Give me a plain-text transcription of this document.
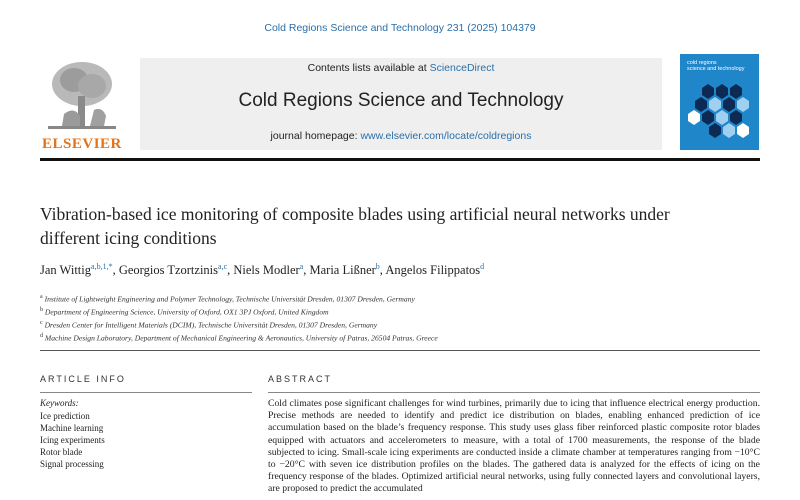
Cold Regions Science and Technology 231 (2025) 104379
ELSEVIER
Contents lists available at ScienceDirect
Cold Regions Science and Technology
journal homepage: www.elsevier.com/locate/coldregions
cold regions
science and technology
Vibration-based ice monitoring of composite blades using artificial neural networks under different icing conditions
Jan Wittig$^{a,b,1,*}$, Georgios Tzortzinis$^{a,c}$, Niels Modler$^a$, Maria Lißner$^b$, Angelos Filippatos$^d$
$^a$ Institute of Lightweight Engineering and Polymer Technology, Technische Universität Dresden, 01307 Dresden, Germany
$^b$ Department of Engineering Science, University of Oxford, OX1 3PJ Oxford, United Kingdom
$^c$ Dresden Center for Intelligent Materials (DCIM), Technische Universität Dresden, 01307 Dresden, Germany
$^d$ Machine Design Laboratory, Department of Mechanical Engineering & Aeronautics, University of Patras, 26504 Patras, Greece
ARTICLE INFO	ABSTRACT
Keywords:
Ice prediction
Machine learning
Icing experiments
Rotor blade
Signal processing
Cold climates pose significant challenges for wind turbines, primarily due to icing that influence electrical energy production. Precise methods are needed to identify and predict ice distribution on blades, enabling enhanced prediction of ice accumulation based on the blade’s frequency response. This study uses glass fiber reinforced plastic composite rotor blades equipped with actuators and accelerometers to measure, with a total of 1700 measurements, the response of the blade subjected to icing. Small-scale icing experiments are conducted inside a climate chamber at temperatures ranging from −10°C to −20°C with seven ice distribution profiles on the blades. The gathered data is analyzed for the effects of icing on the frequency response of the blades. Optimized artificial neural networks, using fully connected layers and convolutional layers, are proposed to predict the accumulated
